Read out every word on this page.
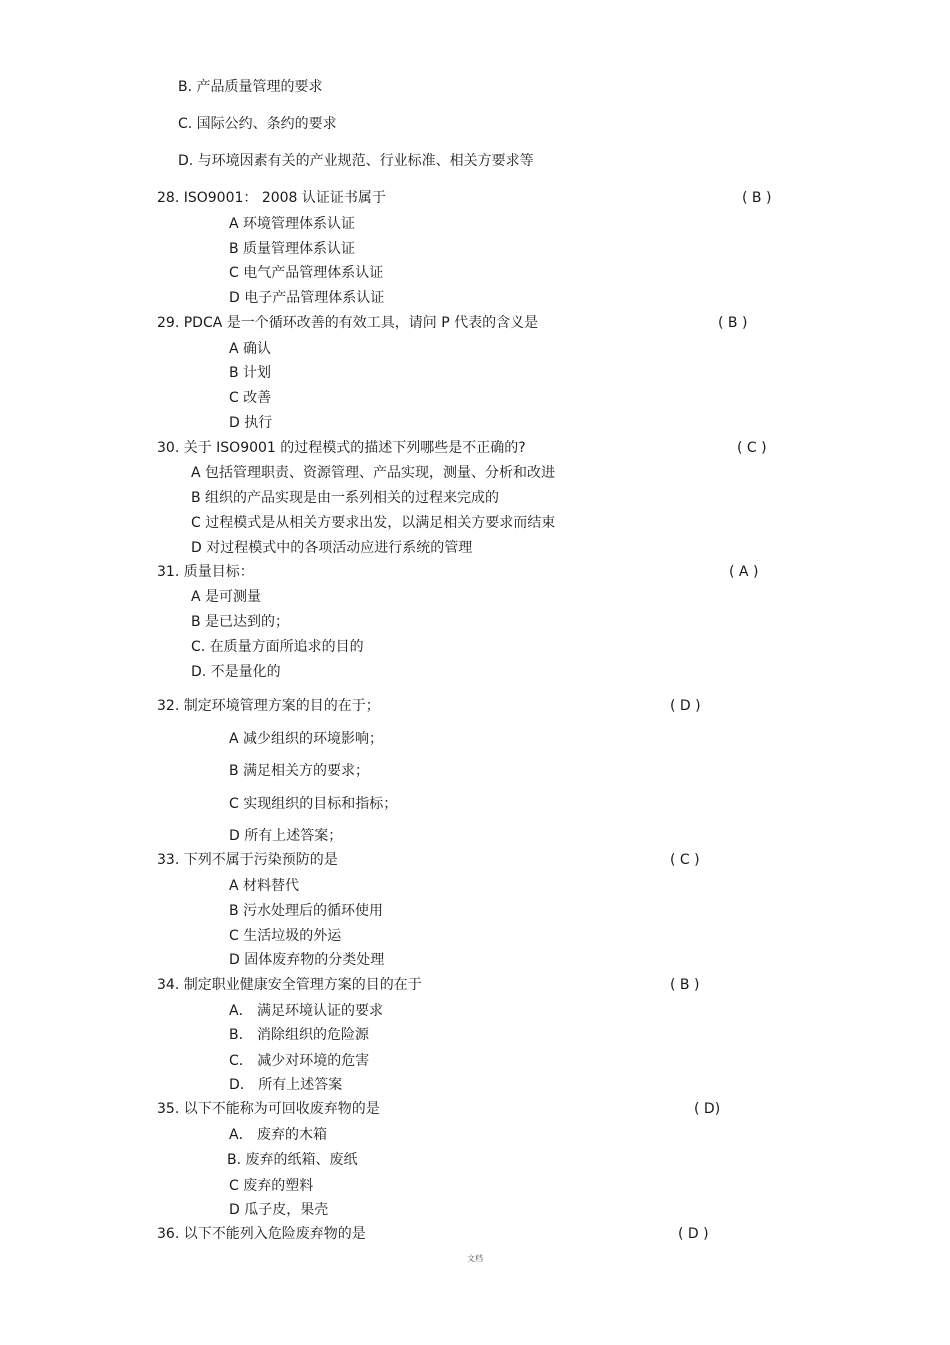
B. 产品质量管理的要求
C. 国际公约、条约的要求
D. 与环境因素有关的产业规范、行业标准、相关方要求等
28. ISO9001： 2008 认证证书属于	( B )
A 环境管理体系认证
B 质量管理体系认证
C 电气产品管理体系认证
D 电子产品管理体系认证
29. PDCA 是一个循环改善的有效工具，请问 P 代表的含义是	( B )
A 确认
B 计划
C 改善
D 执行
30. 关于 ISO9001 的过程模式的描述下列哪些是不正确的?	( C )
A 包括管理职责、资源管理、产品实现，测量、分析和改进
B 组织的产品实现是由一系列相关的过程来完成的
C 过程模式是从相关方要求出发，以满足相关方要求而结束
D 对过程模式中的各项活动应进行系统的管理
31. 质量目标：	( A )
A 是可测量
B 是已达到的；
C. 在质量方面所追求的目的
D. 不是量化的
32. 制定环境管理方案的目的在于；	( D )
A 减少组织的环境影响；
B 满足相关方的要求；
C 实现组织的目标和指标；
D 所有上述答案；
33. 下列不属于污染预防的是	( C )
A 材料替代
B 污水处理后的循环使用
C 生活垃圾的外运
D 固体废弃物的分类处理
34. 制定职业健康安全管理方案的目的在于	( B )
A． 满足环境认证的要求
B． 消除组织的危险源
C． 减少对环境的危害
D． 所有上述答案
35. 以下不能称为可回收废弃物的是	( D)
A． 废弃的木箱
B. 废弃的纸箱、废纸
C 废弃的塑料
D 瓜子皮，果壳
36. 以下不能列入危险废弃物的是	( D )
文档
